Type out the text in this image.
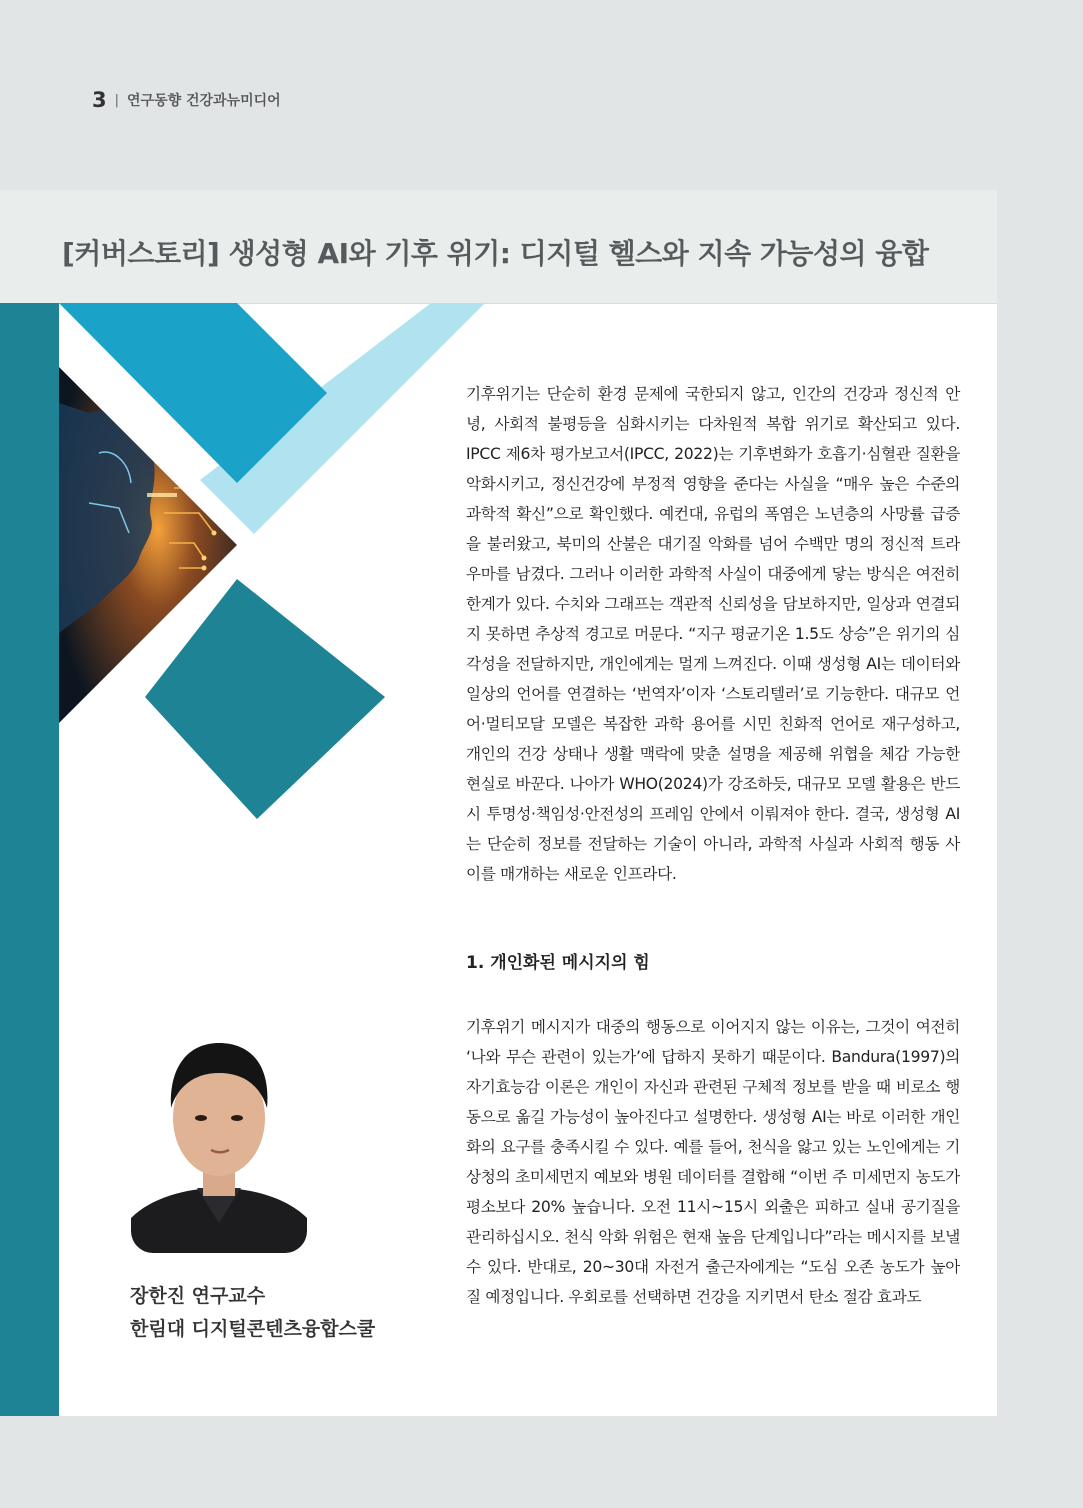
3 | 연구동향 건강과뉴미디어
[커버스토리] 생성형 AI와 기후 위기: 디지털 헬스와 지속 가능성의 융합

기후위기는 단순히 환경 문제에 국한되지 않고, 인간의 건강과 정신적 안녕, 사회적 불평등을 심화시키는 다차원적 복합 위기로 확산되고 있다. IPCC 제6차 평가보고서(IPCC, 2022)는 기후변화가 호흡기·심혈관 질환을 악화시키고, 정신건강에 부정적 영향을 준다는 사실을 “매우 높은 수준의 과학적 확신”으로 확인했다. 예컨대, 유럽의 폭염은 노년층의 사망률 급증을 불러왔고, 북미의 산불은 대기질 악화를 넘어 수백만 명의 정신적 트라우마를 남겼다. 그러나 이러한 과학적 사실이 대중에게 닿는 방식은 여전히 한계가 있다. 수치와 그래프는 객관적 신뢰성을 담보하지만, 일상과 연결되지 못하면 추상적 경고로 머문다. “지구 평균기온 1.5도 상승”은 위기의 심각성을 전달하지만, 개인에게는 멀게 느껴진다. 이때 생성형 AI는 데이터와 일상의 언어를 연결하는 ‘번역자’이자 ‘스토리텔러’로 기능한다. 대규모 언어·멀티모달 모델은 복잡한 과학 용어를 시민 친화적 언어로 재구성하고, 개인의 건강 상태나 생활 맥락에 맞춘 설명을 제공해 위협을 체감 가능한 현실로 바꾼다. 나아가 WHO(2024)가 강조하듯, 대규모 모델 활용은 반드시 투명성·책임성·안전성의 프레임 안에서 이뤄져야 한다. 결국, 생성형 AI는 단순히 정보를 전달하는 기술이 아니라, 과학적 사실과 사회적 행동 사이를 매개하는 새로운 인프라다.

1. 개인화된 메시지의 힘

기후위기 메시지가 대중의 행동으로 이어지지 않는 이유는, 그것이 여전히 ‘나와 무슨 관련이 있는가’에 답하지 못하기 때문이다. Bandura(1997)의 자기효능감 이론은 개인이 자신과 관련된 구체적 정보를 받을 때 비로소 행동으로 옮길 가능성이 높아진다고 설명한다. 생성형 AI는 바로 이러한 개인화의 요구를 충족시킬 수 있다. 예를 들어, 천식을 앓고 있는 노인에게는 기상청의 초미세먼지 예보와 병원 데이터를 결합해 “이번 주 미세먼지 농도가 평소보다 20% 높습니다. 오전 11시~15시 외출은 피하고 실내 공기질을 관리하십시오. 천식 악화 위험은 현재 높음 단계입니다”라는 메시지를 보낼 수 있다. 반대로, 20~30대 자전거 출근자에게는 “도심 오존 농도가 높아질 예정입니다. 우회로를 선택하면 건강을 지키면서 탄소 절감 효과도

장한진 연구교수

한림대 디지털콘텐츠융합스쿨
